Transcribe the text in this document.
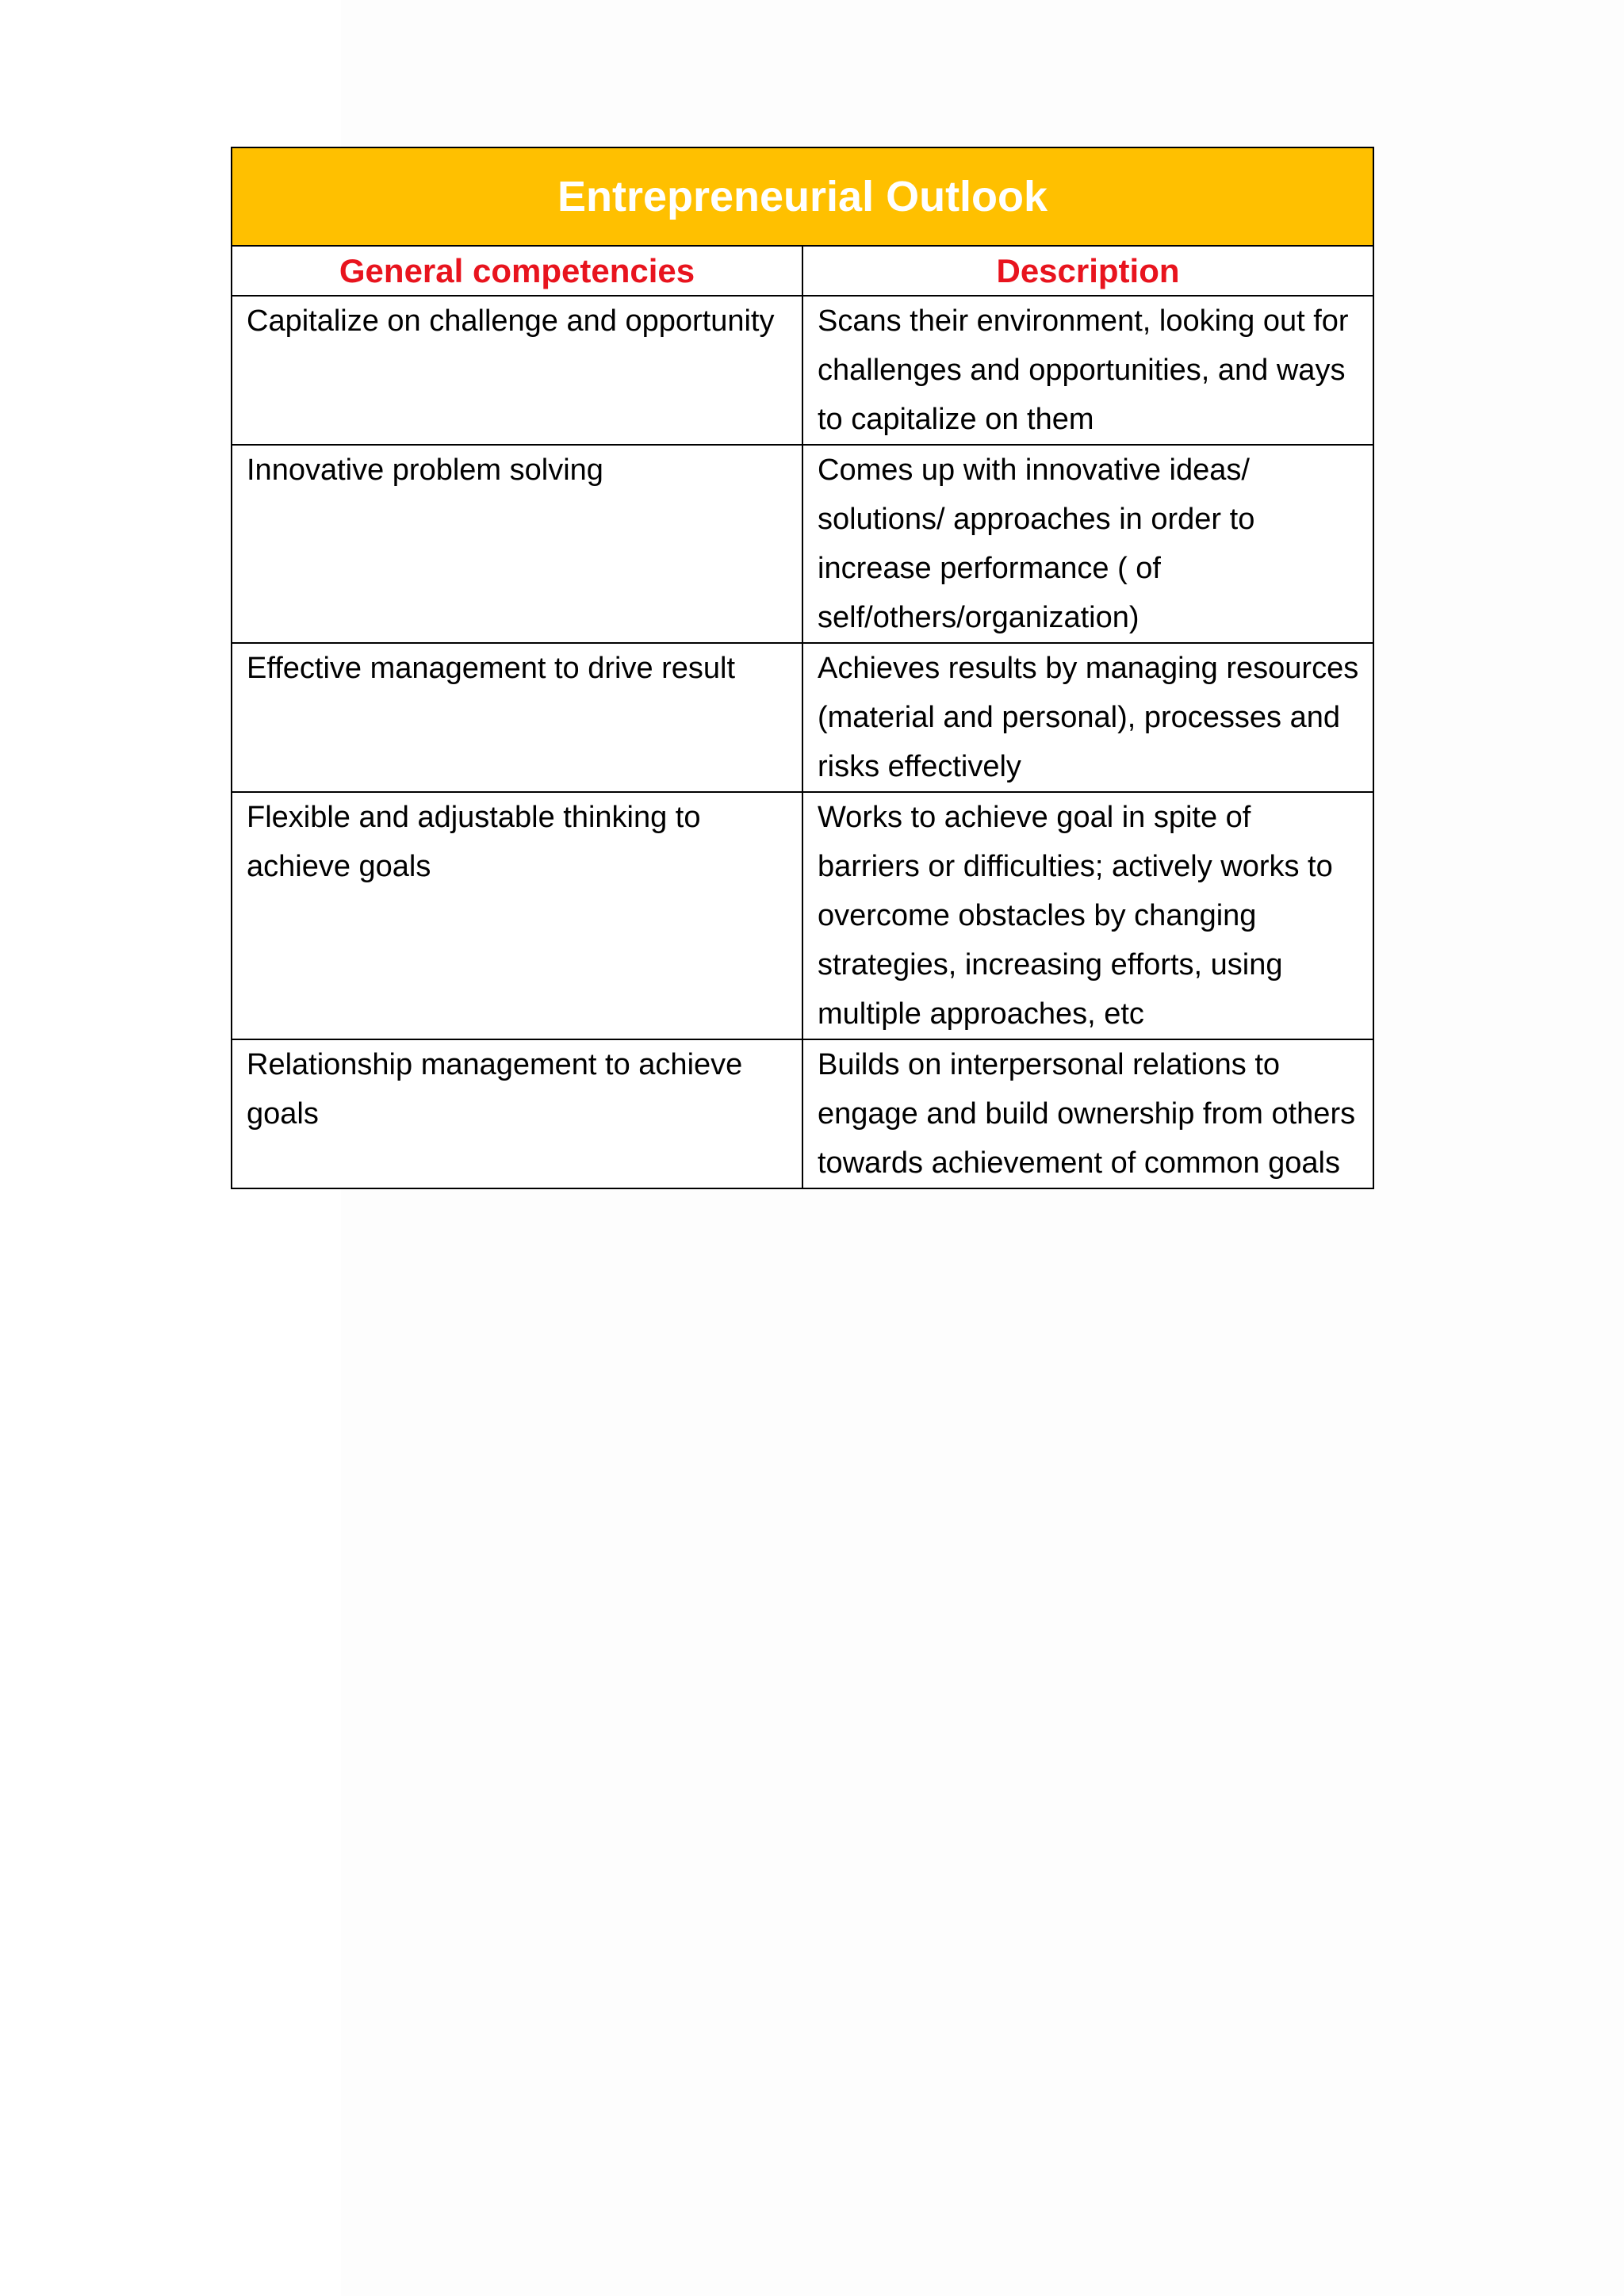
Entrepreneurial Outlook	
General competencies	Description
Capitalize on challenge and opportunity	Scans their environment, looking out for challenges and opportunities, and ways to capitalize on them
Innovative problem solving	Comes up with innovative ideas/ solutions/ approaches in order to increase performance ( of self/others/organization)
Effective management to drive result	Achieves results by managing resources (material and personal), processes and risks effectively
Flexible and adjustable thinking to achieve goals	Works to achieve goal in spite of barriers or difficulties; actively works to overcome obstacles by changing strategies, increasing efforts, using multiple approaches, etc
Relationship management to achieve goals	Builds on interpersonal relations to engage and build ownership from others towards achievement of common goals
